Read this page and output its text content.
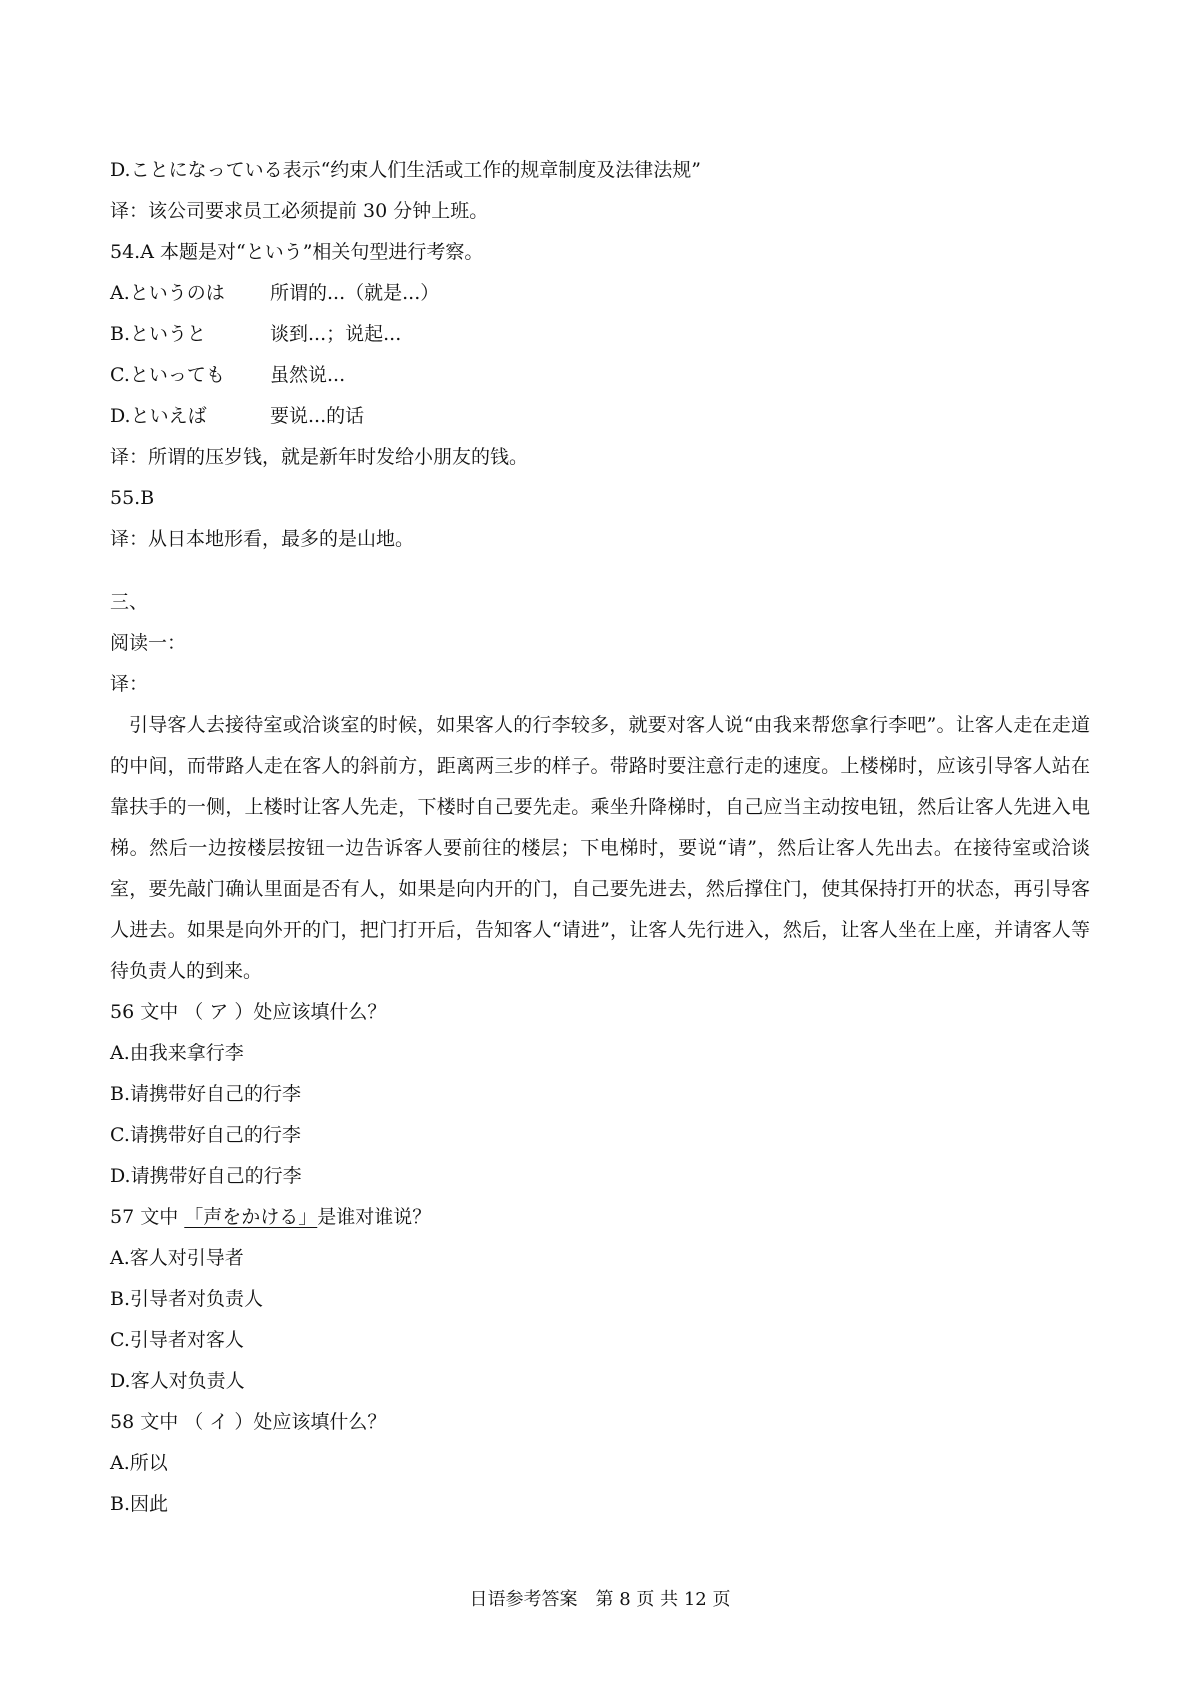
D.ことになっている表示“约束人们生活或工作的规章制度及法律法规”
译：该公司要求员工必须提前 30 分钟上班。
54.A 本题是对“という”相关句型进行考察。
A.というのは 所谓的...（就是...）
B.というと	谈到...；说起...
C.といっても 虽然说...
D.といえば	要说...的话
译：所谓的压岁钱，就是新年时发给小朋友的钱。
55.B
译：从日本地形看，最多的是山地。
三、
阅读一：
译：
引导客人去接待室或洽谈室的时候，如果客人的行李较多，就要对客人说“由我来帮您拿行李吧”。让客人走在走道的中间，而带路人走在客人的斜前方，距离两三步的样子。带路时要注意行走的速度。上楼梯时，应该引导客人站在靠扶手的一侧，上楼时让客人先走，下楼时自己要先走。乘坐升降梯时，自己应当主动按电钮，然后让客人先进入电梯。然后一边按楼层按钮一边告诉客人要前往的楼层；下电梯时，要说“请”，然后让客人先出去。在接待室或洽谈室，要先敲门确认里面是否有人，如果是向内开的门，自己要先进去，然后撑住门，使其保持打开的状态，再引导客人进去。如果是向外开的门，把门打开后，告知客人“请进”，让客人先行进入，然后，让客人坐在上座，并请客人等待负责人的到来。
56 文中 （ ア ）处应该填什么？
A.由我来拿行李
B.请携带好自己的行李
C.请携带好自己的行李
D.请携带好自己的行李
57 文中 「声をかける」是谁对谁说？
A.客人对引导者
B.引导者对负责人
C.引导者对客人
D.客人对负责人
58 文中 （ イ ）处应该填什么？
A.所以
B.因此
日语参考答案　第 8 页 共 12 页
